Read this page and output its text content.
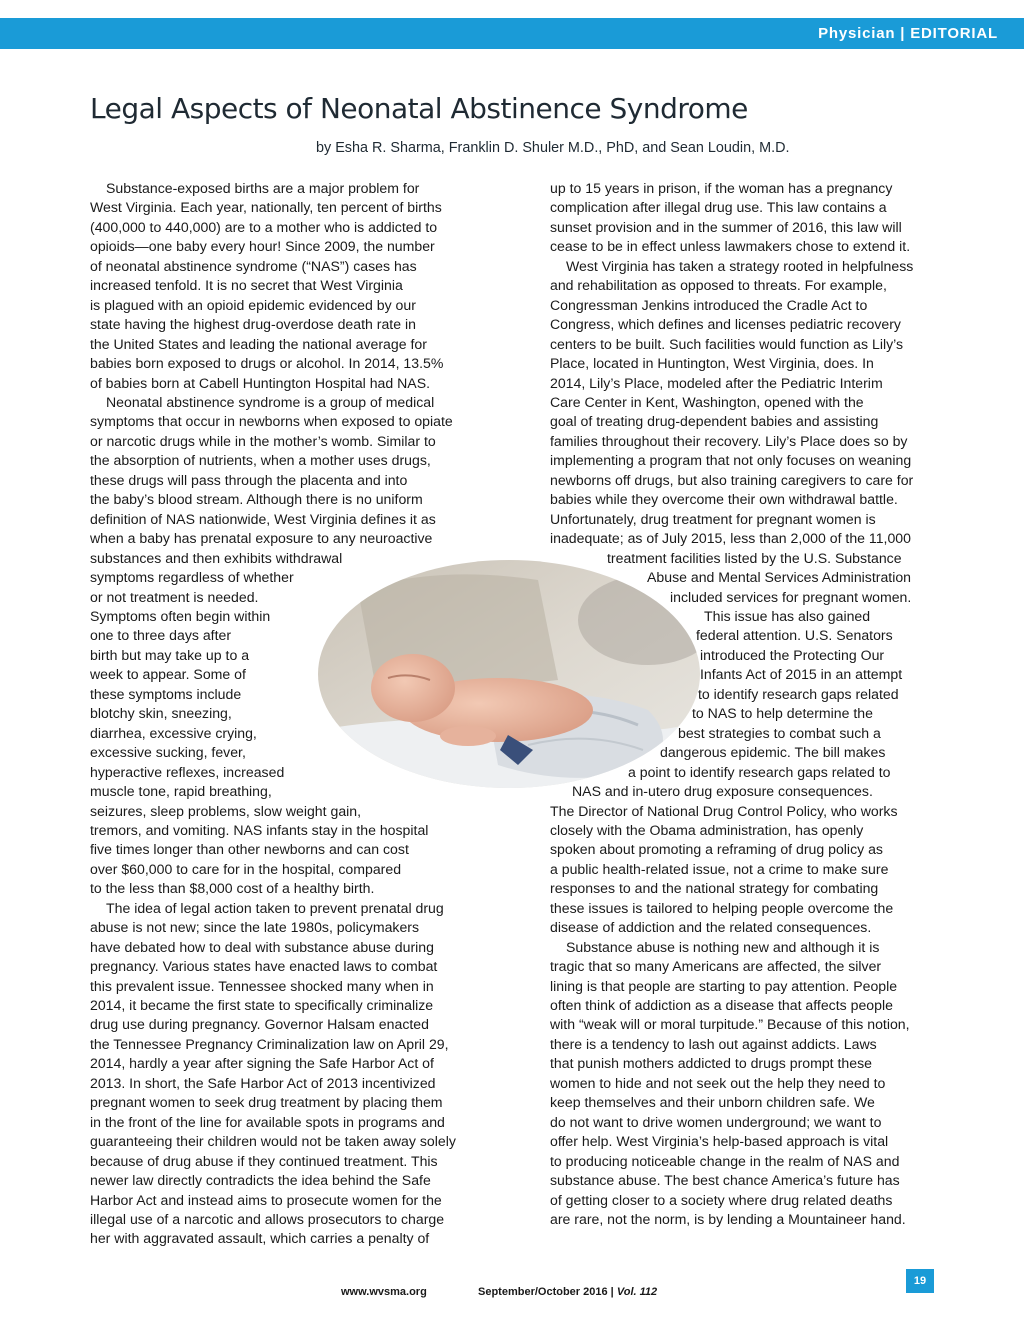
Physician | EDITORIAL
Legal Aspects of Neonatal Abstinence Syndrome
by Esha R. Sharma, Franklin D. Shuler M.D., PhD, and Sean Loudin, M.D.
Substance-exposed births are a major problem for
West Virginia. Each year, nationally, ten percent of births
(400,000 to 440,000) are to a mother who is addicted to
opioids—one baby every hour! Since 2009, the number
of neonatal abstinence syndrome (“NAS”) cases has
increased tenfold. It is no secret that West Virginia
is plagued with an opioid epidemic evidenced by our
state having the highest drug-overdose death rate in
the United States and leading the national average for
babies born exposed to drugs or alcohol. In 2014, 13.5%
of babies born at Cabell Huntington Hospital had NAS.
Neonatal abstinence syndrome is a group of medical
symptoms that occur in newborns when exposed to opiate
or narcotic drugs while in the mother’s womb. Similar to
the absorption of nutrients, when a mother uses drugs,
these drugs will pass through the placenta and into
the baby’s blood stream. Although there is no uniform
definition of NAS nationwide, West Virginia defines it as
when a baby has prenatal exposure to any neuroactive
substances and then exhibits withdrawal
symptoms regardless of whether
or not treatment is needed.
Symptoms often begin within
one to three days after
birth but may take up to a
week to appear. Some of
these symptoms include
blotchy skin, sneezing,
diarrhea, excessive crying,
excessive sucking, fever,
hyperactive reflexes, increased
muscle tone, rapid breathing,
seizures, sleep problems, slow weight gain,
tremors, and vomiting. NAS infants stay in the hospital
five times longer than other newborns and can cost
over $60,000 to care for in the hospital, compared
to the less than $8,000 cost of a healthy birth.
The idea of legal action taken to prevent prenatal drug
abuse is not new; since the late 1980s, policymakers
have debated how to deal with substance abuse during
pregnancy. Various states have enacted laws to combat
this prevalent issue. Tennessee shocked many when in
2014, it became the first state to specifically criminalize
drug use during pregnancy. Governor Halsam enacted
the Tennessee Pregnancy Criminalization law on April 29,
2014, hardly a year after signing the Safe Harbor Act of
2013. In short, the Safe Harbor Act of 2013 incentivized
pregnant women to seek drug treatment by placing them
in the front of the line for available spots in programs and
guaranteeing their children would not be taken away solely
because of drug abuse if they continued treatment. This
newer law directly contradicts the idea behind the Safe
Harbor Act and instead aims to prosecute women for the
illegal use of a narcotic and allows prosecutors to charge
her with aggravated assault, which carries a penalty of
up to 15 years in prison, if the woman has a pregnancy
complication after illegal drug use. This law contains a
sunset provision and in the summer of 2016, this law will
cease to be in effect unless lawmakers chose to extend it.
West Virginia has taken a strategy rooted in helpfulness
and rehabilitation as opposed to threats. For example,
Congressman Jenkins introduced the Cradle Act to
Congress, which defines and licenses pediatric recovery
centers to be built. Such facilities would function as Lily’s
Place, located in Huntington, West Virginia, does. In
2014, Lily’s Place, modeled after the Pediatric Interim
Care Center in Kent, Washington, opened with the
goal of treating drug-dependent babies and assisting
families throughout their recovery. Lily’s Place does so by
implementing a program that not only focuses on weaning
newborns off drugs, but also training caregivers to care for
babies while they overcome their own withdrawal battle.
Unfortunately, drug treatment for pregnant women is
inadequate; as of July 2015, less than 2,000 of the 11,000
treatment facilities listed by the U.S. Substance
Abuse and Mental Services Administration
included services for pregnant women.
This issue has also gained
federal attention. U.S. Senators
introduced the Protecting Our
Infants Act of 2015 in an attempt
to identify research gaps related
to NAS to help determine the
best strategies to combat such a
dangerous epidemic. The bill makes
a point to identify research gaps related to
NAS and in-utero drug exposure consequences.
The Director of National Drug Control Policy, who works
closely with the Obama administration, has openly
spoken about promoting a reframing of drug policy as
a public health-related issue, not a crime to make sure
responses to and the national strategy for combating
these issues is tailored to helping people overcome the
disease of addiction and the related consequences.
Substance abuse is nothing new and although it is
tragic that so many Americans are affected, the silver
lining is that people are starting to pay attention. People
often think of addiction as a disease that affects people
with “weak will or moral turpitude.” Because of this notion,
there is a tendency to lash out against addicts. Laws
that punish mothers addicted to drugs prompt these
women to hide and not seek out the help they need to
keep themselves and their unborn children safe. We
do not want to drive women underground; we want to
offer help. West Virginia’s help-based approach is vital
to producing noticeable change in the realm of NAS and
substance abuse. The best chance America’s future has
of getting closer to a society where drug related deaths
are rare, not the norm, is by lending a Mountaineer hand.
www.wvsma.org	September/October 2016 | Vol. 112
19
